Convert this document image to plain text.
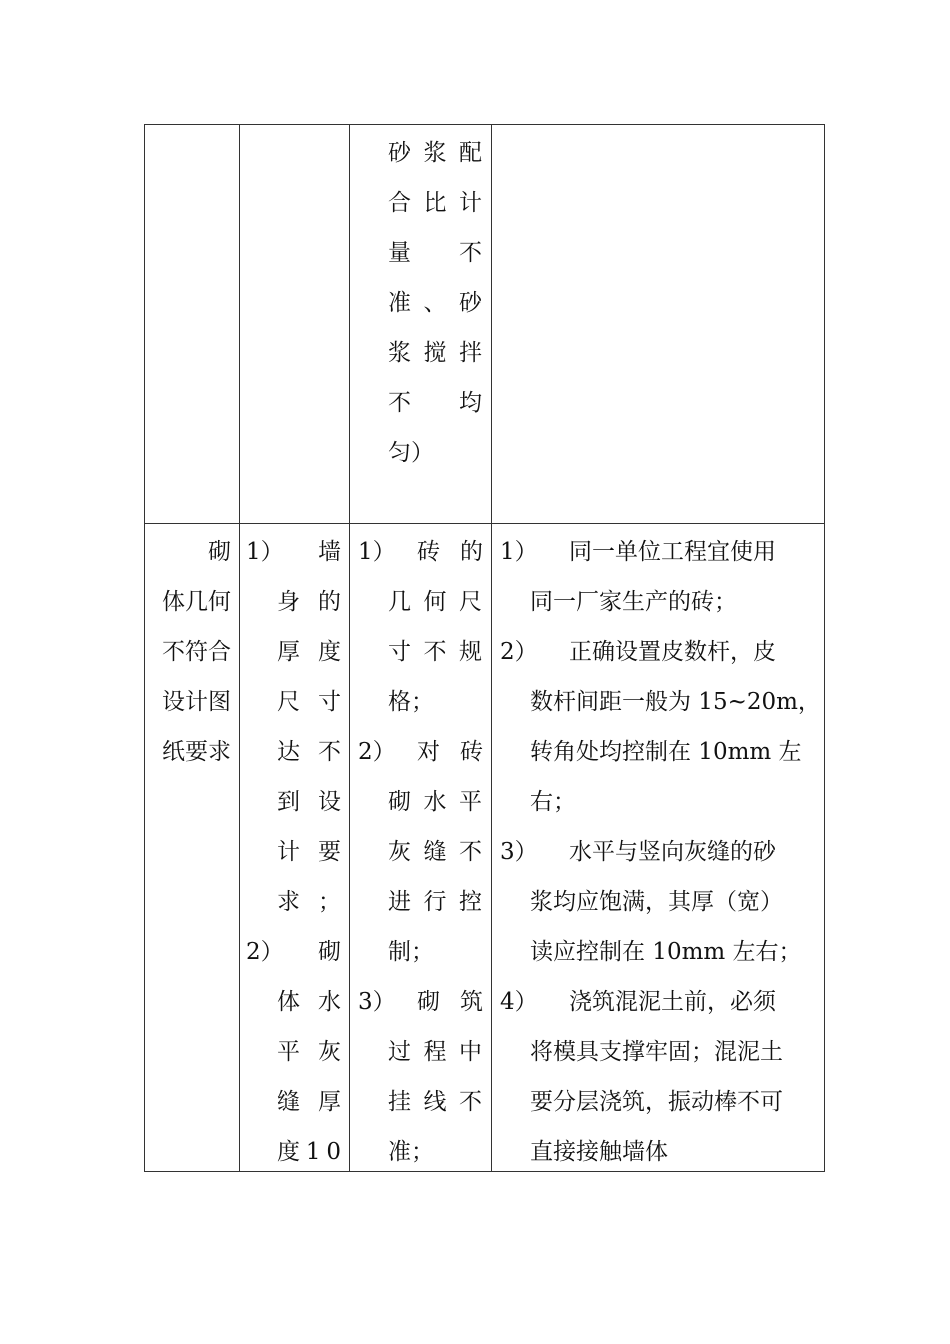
砂 浆 配
合 比 计
量 不
准 、 砂
浆 搅 拌
不 均
匀）
砌
体几何
不符合
设计图
纸要求
1） 墙
身 的
厚 度
尺 寸
达 不
到 设
计 要
求 ；
2） 砌
体 水
平 灰
缝 厚
度 1 0
1） 砖 的
几 何 尺
寸 不 规
格；
2） 对 砖
砌 水 平
灰 缝 不
进 行 控
制；
3） 砌 筑
过 程 中
挂 线 不
准；
1） 同一单位工程宜使用
同一厂家生产的砖；
2） 正确设置皮数杆，皮
数杆间距一般为 15~20m，
转角处均控制在 10mm 左
右；
3） 水平与竖向灰缝的砂
浆均应饱满，其厚（宽）
读应控制在 10mm 左右；
4） 浇筑混泥土前，必须
将模具支撑牢固；混泥土
要分层浇筑，振动棒不可
直接接触墙体
